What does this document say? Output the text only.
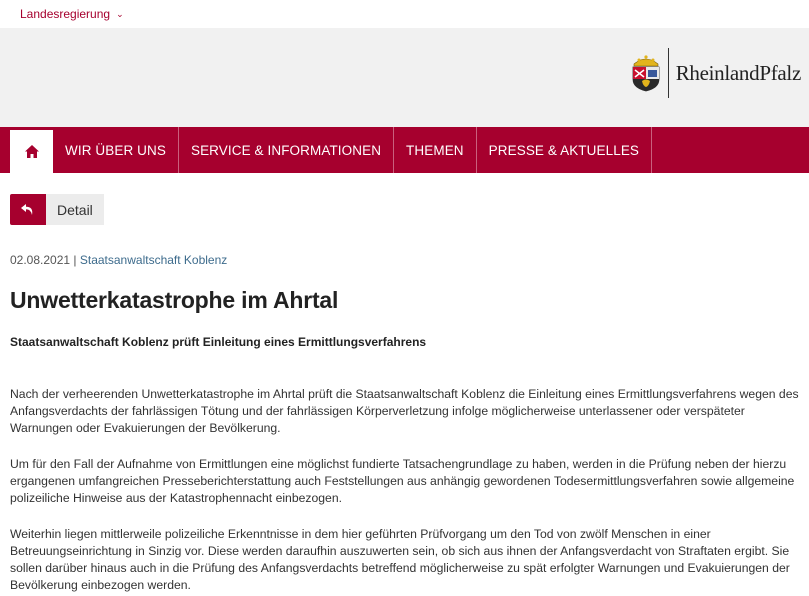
Landesregierung ⌄
RheinlandPfalz
WIR ÜBER UNS	SERVICE & INFORMATIONEN	THEMEN	PRESSE & AKTUELLES
Detail
02.08.2021 | Staatsanwaltschaft Koblenz
Unwetterkatastrophe im Ahrtal
Staatsanwaltschaft Koblenz prüft Einleitung eines Ermittlungsverfahrens

Nach der verheerenden Unwetterkatastrophe im Ahrtal prüft die Staatsanwaltschaft Koblenz die Einleitung eines Ermittlungsverfahrens wegen des Anfangsverdachts der fahrlässigen Tötung und der fahrlässigen Körperverletzung infolge möglicherweise unterlassener oder verspäteter Warnungen oder Evakuierungen der Bevölkerung.

Um für den Fall der Aufnahme von Ermittlungen eine möglichst fundierte Tatsachengrundlage zu haben, werden in die Prüfung neben der hierzu ergangenen umfangreichen Presseberichterstattung auch Feststellungen aus anhängig gewordenen Todesermittlungsverfahren sowie allgemeine polizeiliche Hinweise aus der Katastrophennacht einbezogen.

Weiterhin liegen mittlerweile polizeiliche Erkenntnisse in dem hier geführten Prüfvorgang um den Tod von zwölf Menschen in einer Betreuungseinrichtung in Sinzig vor. Diese werden daraufhin auszuwerten sein, ob sich aus ihnen der Anfangsverdacht von Straftaten ergibt. Sie sollen darüber hinaus auch in die Prüfung des Anfangsverdachts betreffend möglicherweise zu spät erfolgter Warnungen und Evakuierungen der Bevölkerung einbezogen werden.
